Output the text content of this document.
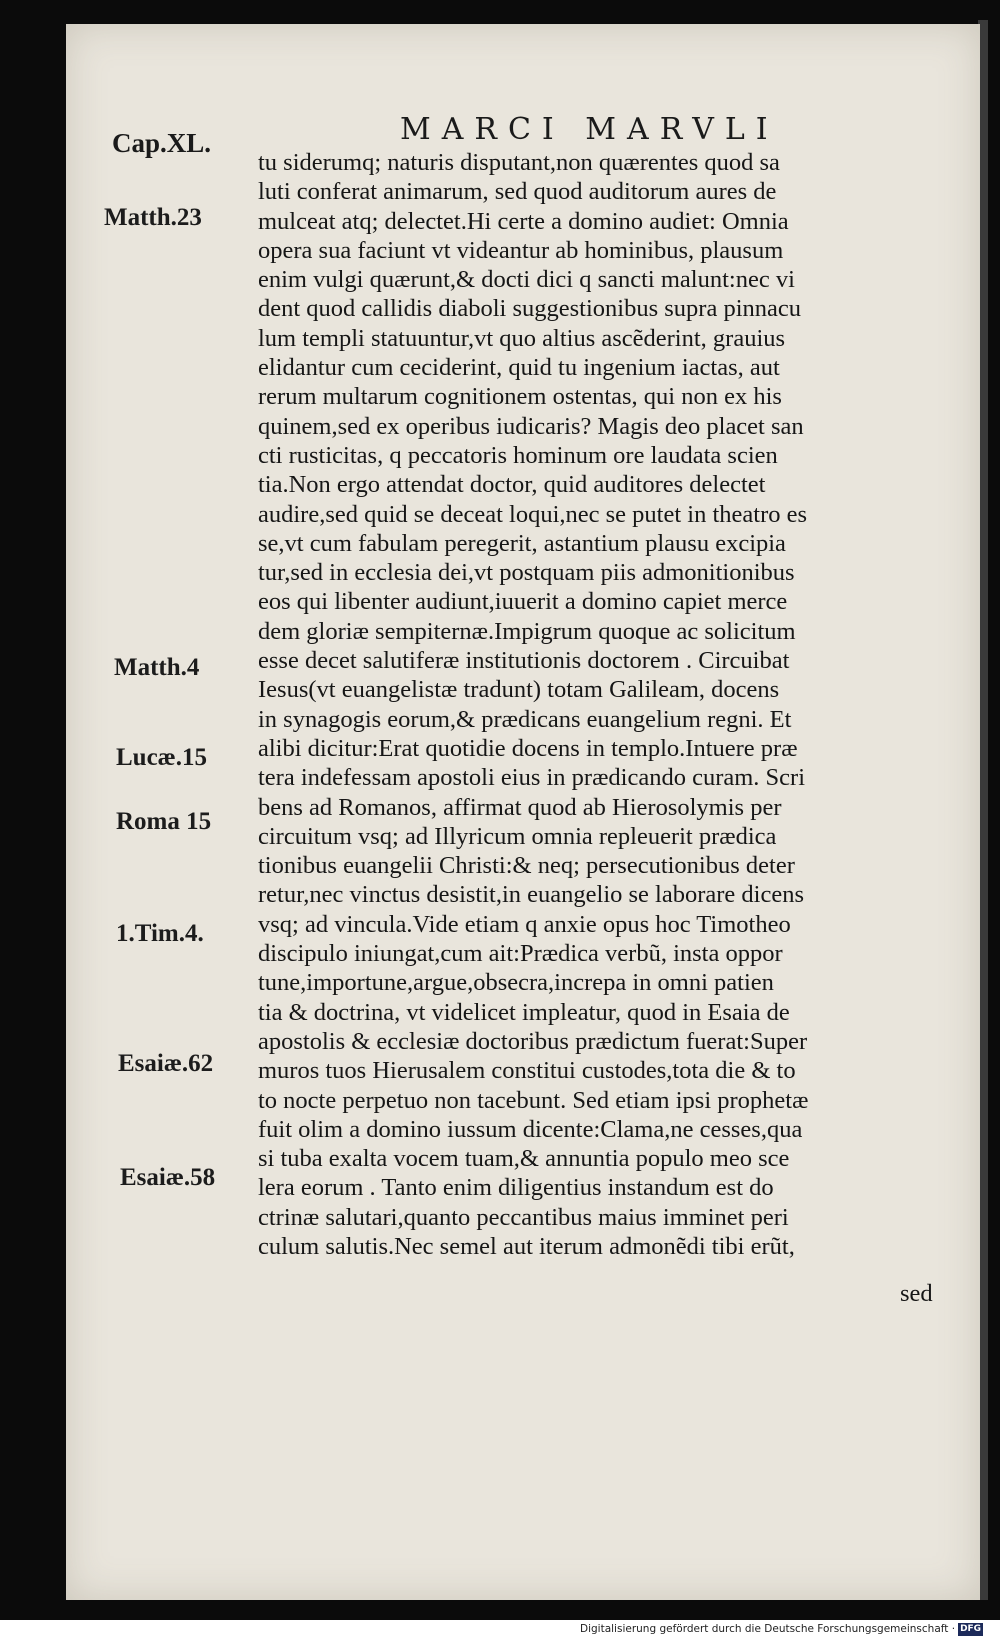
MARCI MARVLI
Cap.XL.
Matth.23
Matth.4
Lucæ.15
Roma 15
1.Tim.4.
Esaiæ.62
Esaiæ.58
tu siderumq; naturis disputant,non quærentes quod sa
luti conferat animarum, sed quod auditorum aures de
mulceat atq; delectet.Hi certe a domino audiet: Omnia
opera sua faciunt vt videantur ab hominibus, plausum
enim vulgi quærunt,& docti dici q sancti malunt:nec vi
dent quod callidis diaboli suggestionibus supra pinnacu
lum templi statuuntur,vt quo altius ascẽderint, grauius
elidantur cum ceciderint, quid tu ingenium iactas, aut
rerum multarum cognitionem ostentas, qui non ex his
quinem,sed ex operibus iudicaris? Magis deo placet san
cti rusticitas, q peccatoris hominum ore laudata scien
tia.Non ergo attendat doctor, quid auditores delectet
audire,sed quid se deceat loqui,nec se putet in theatro es
se,vt cum fabulam peregerit, astantium plausu excipia
tur,sed in ecclesia dei,vt postquam piis admonitionibus
eos qui libenter audiunt,iuuerit a domino capiet merce
dem gloriæ sempiternæ.Impigrum quoque ac solicitum
esse decet salutiferæ institutionis doctorem . Circuibat
Iesus(vt euangelistæ tradunt) totam Galileam, docens
in synagogis eorum,& prædicans euangelium regni. Et
alibi dicitur:Erat quotidie docens in templo.Intuere præ
tera indefessam apostoli eius in prædicando curam. Scri
bens ad Romanos, affirmat quod ab Hierosolymis per
circuitum vsq; ad Illyricum omnia repleuerit prædica
tionibus euangelii Christi:& neq; persecutionibus deter
retur,nec vinctus desistit,in euangelio se laborare dicens
vsq; ad vincula.Vide etiam q anxie opus hoc Timotheo
discipulo iniungat,cum ait:Prædica verbũ, insta oppor
tune,importune,argue,obsecra,increpa in omni patien
tia & doctrina, vt videlicet impleatur, quod in Esaia de
apostolis & ecclesiæ doctoribus prædictum fuerat:Super
muros tuos Hierusalem constitui custodes,tota die & to
to nocte perpetuo non tacebunt. Sed etiam ipsi prophetæ
fuit olim a domino iussum dicente:Clama,ne cesses,qua
si tuba exalta vocem tuam,& annuntia populo meo sce
lera eorum . Tanto enim diligentius instandum est do
ctrinæ salutari,quanto peccantibus maius imminet peri
culum salutis.Nec semel aut iterum admonẽdi tibi erũt,
sed
Digitalisierung gefördert durch die Deutsche Forschungsgemeinschaft · DFG
